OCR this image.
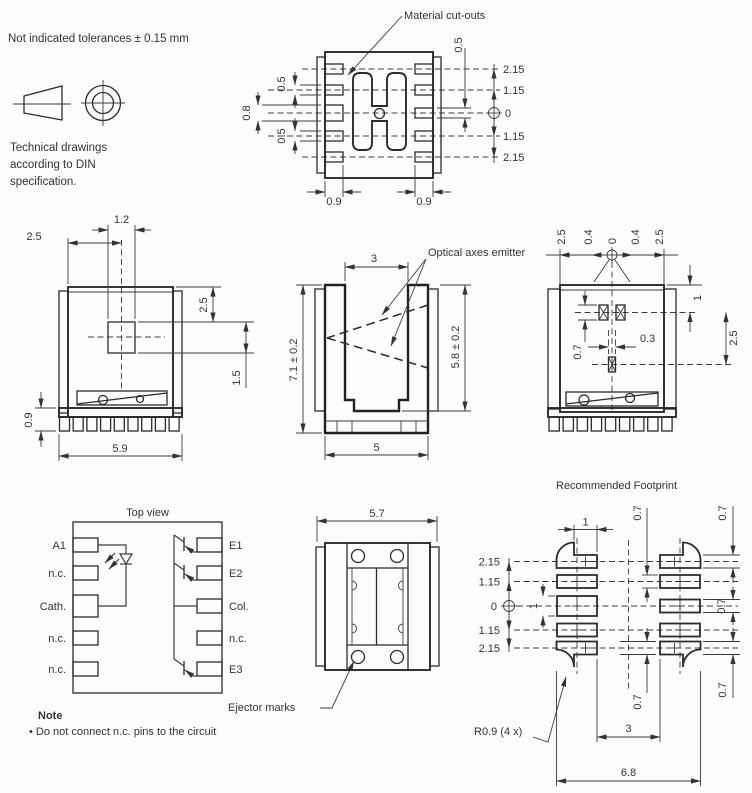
Not indicated tolerances ± 0.15 mm
Technical drawings
according to DIN
specification.
Material cut-outs
0.5
0.8
0.5
0.5
2.15
1.15
0
1.15
2.15
0.9	0.9
1.2
2.5
2.5
1.5
0.9
5.9
Optical axes emitter
3
7.1 ± 0.2	5.8 ± 0.2
5
2.5 0.4 0 0.4 2.5
0.7
0.3
1
2.5
Top view
A1
n.c.
Cath.
n.c.
n.c.
E1
E2
Col.
n.c.
E3
Ejector marks
Note
• Do not connect n.c. pins to the circuit
5.7
Recommended Footprint
2.15
1.15
0
1.15
2.15
1
1
0.7	0.7
0.7
0.7
0.7
3
6.8
R0.9 (4 x)
